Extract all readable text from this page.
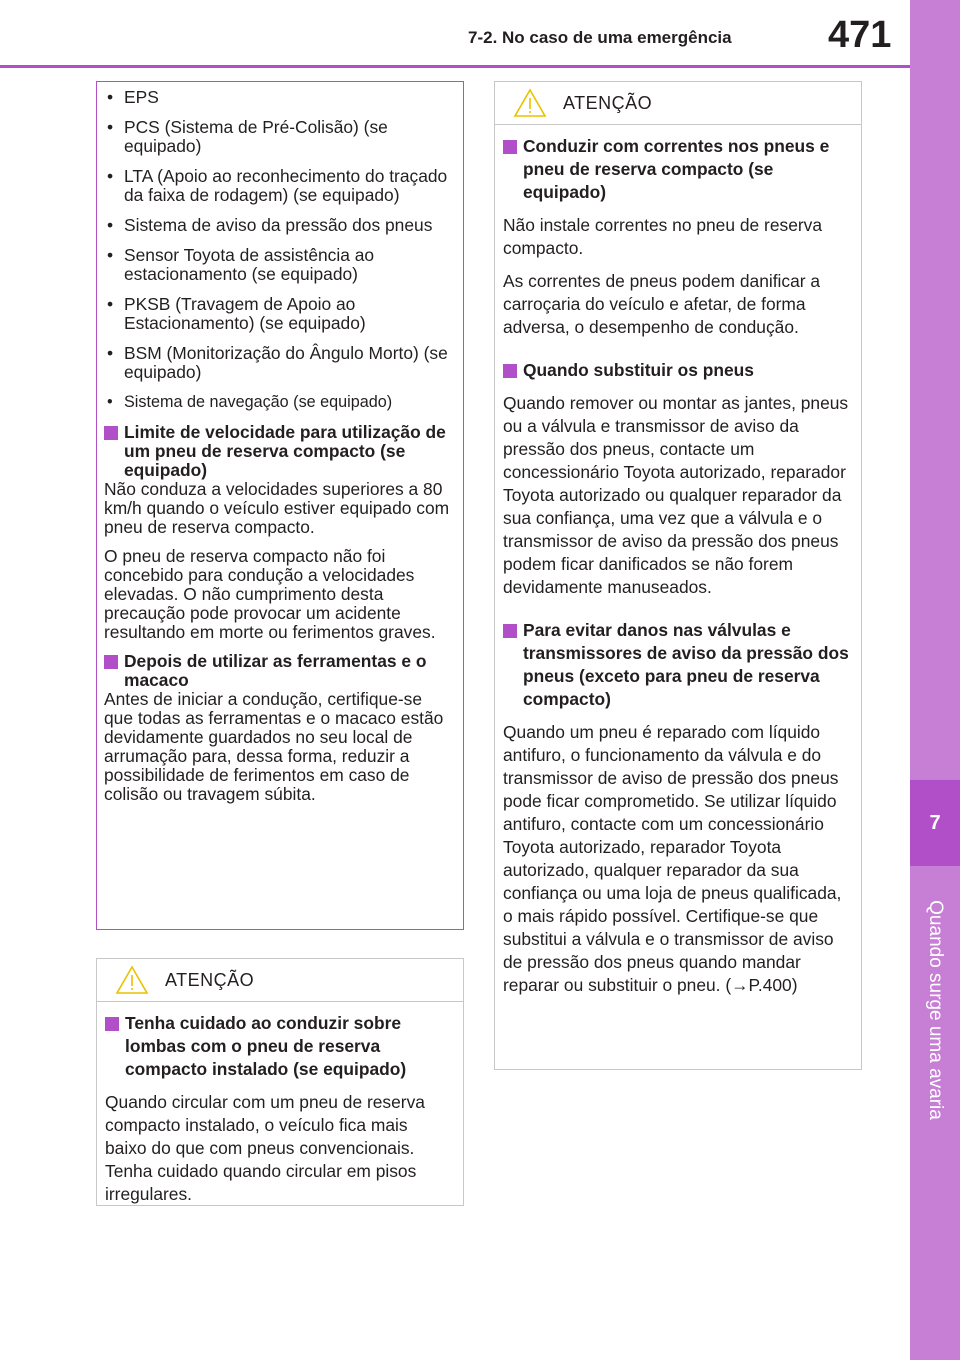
7-2. No caso de uma emergência	471
7
Quando surge uma avaria
• EPS
• PCS (Sistema de Pré-Colisão) (se equipado)
• LTA (Apoio ao reconhecimento do traçado da faixa de rodagem) (se equipado)
• Sistema de aviso da pressão dos pneus
• Sensor Toyota de assistência ao estacionamento (se equipado)
• PKSB (Travagem de Apoio ao Estacionamento) (se equipado)
• BSM (Monitorização do Ângulo Morto) (se equipado)
• Sistema de navegação (se equipado)
Limite de velocidade para utilização de um pneu de reserva compacto (se equipado)
Não conduza a velocidades superiores a 80 km/h quando o veículo estiver equipado com pneu de reserva compacto.
O pneu de reserva compacto não foi concebido para condução a velocidades elevadas. O não cumprimento desta precaução pode provocar um acidente resultando em morte ou ferimentos graves.
Depois de utilizar as ferramentas e o macaco
Antes de iniciar a condução, certifique-se que todas as ferramentas e o macaco estão devidamente guardados no seu local de arrumação para, dessa forma, reduzir a possibilidade de ferimentos em caso de colisão ou travagem súbita.
ATENÇÃO
Tenha cuidado ao conduzir sobre lombas com o pneu de reserva compacto instalado (se equipado)
Quando circular com um pneu de reserva compacto instalado, o veículo fica mais baixo do que com pneus convencionais. Tenha cuidado quando circular em pisos irregulares.
ATENÇÃO
Conduzir com correntes nos pneus e pneu de reserva compacto (se equipado)
Não instale correntes no pneu de reserva compacto.
As correntes de pneus podem danificar a carroçaria do veículo e afetar, de forma adversa, o desempenho de condução.
Quando substituir os pneus
Quando remover ou montar as jantes, pneus ou a válvula e transmissor de aviso da pressão dos pneus, contacte um concessionário Toyota autorizado, reparador Toyota autorizado ou qualquer reparador da sua confiança, uma vez que a válvula e o transmissor de aviso da pressão dos pneus podem ficar danificados se não forem devidamente manuseados.
Para evitar danos nas válvulas e transmissores de aviso da pressão dos pneus (exceto para pneu de reserva compacto)
Quando um pneu é reparado com líquido antifuro, o funcionamento da válvula e do transmissor de aviso de pressão dos pneus pode ficar comprometido. Se utilizar líquido antifuro, contacte com um concessionário Toyota autorizado, reparador Toyota autorizado, qualquer reparador da sua confiança ou uma loja de pneus qualificada, o mais rápido possível. Certifique-se que substitui a válvula e o transmissor de aviso de pressão dos pneus quando mandar reparar ou substituir o pneu. (→P.400)
